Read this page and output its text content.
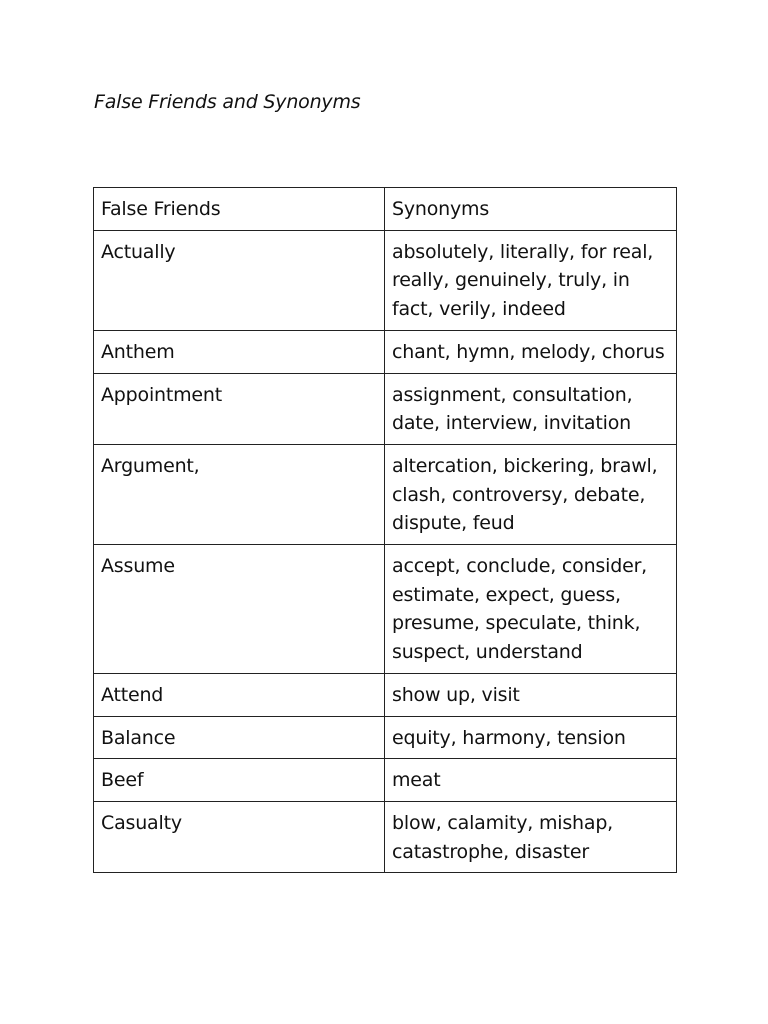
False Friends and Synonyms
False Friends	Synonyms
Actually	absolutely, literally, for real, really, genuinely, truly, in fact, verily, indeed
Anthem	chant, hymn, melody, chorus
Appointment	assignment, consultation, date, interview, invitation
Argument,	altercation, bickering, brawl, clash, controversy, debate, dispute, feud
Assume	accept, conclude, consider, estimate, expect, guess, presume, speculate, think, suspect, understand
Attend	show up, visit
Balance	equity, harmony, tension
Beef	meat
Casualty	blow, calamity, mishap, catastrophe, disaster
